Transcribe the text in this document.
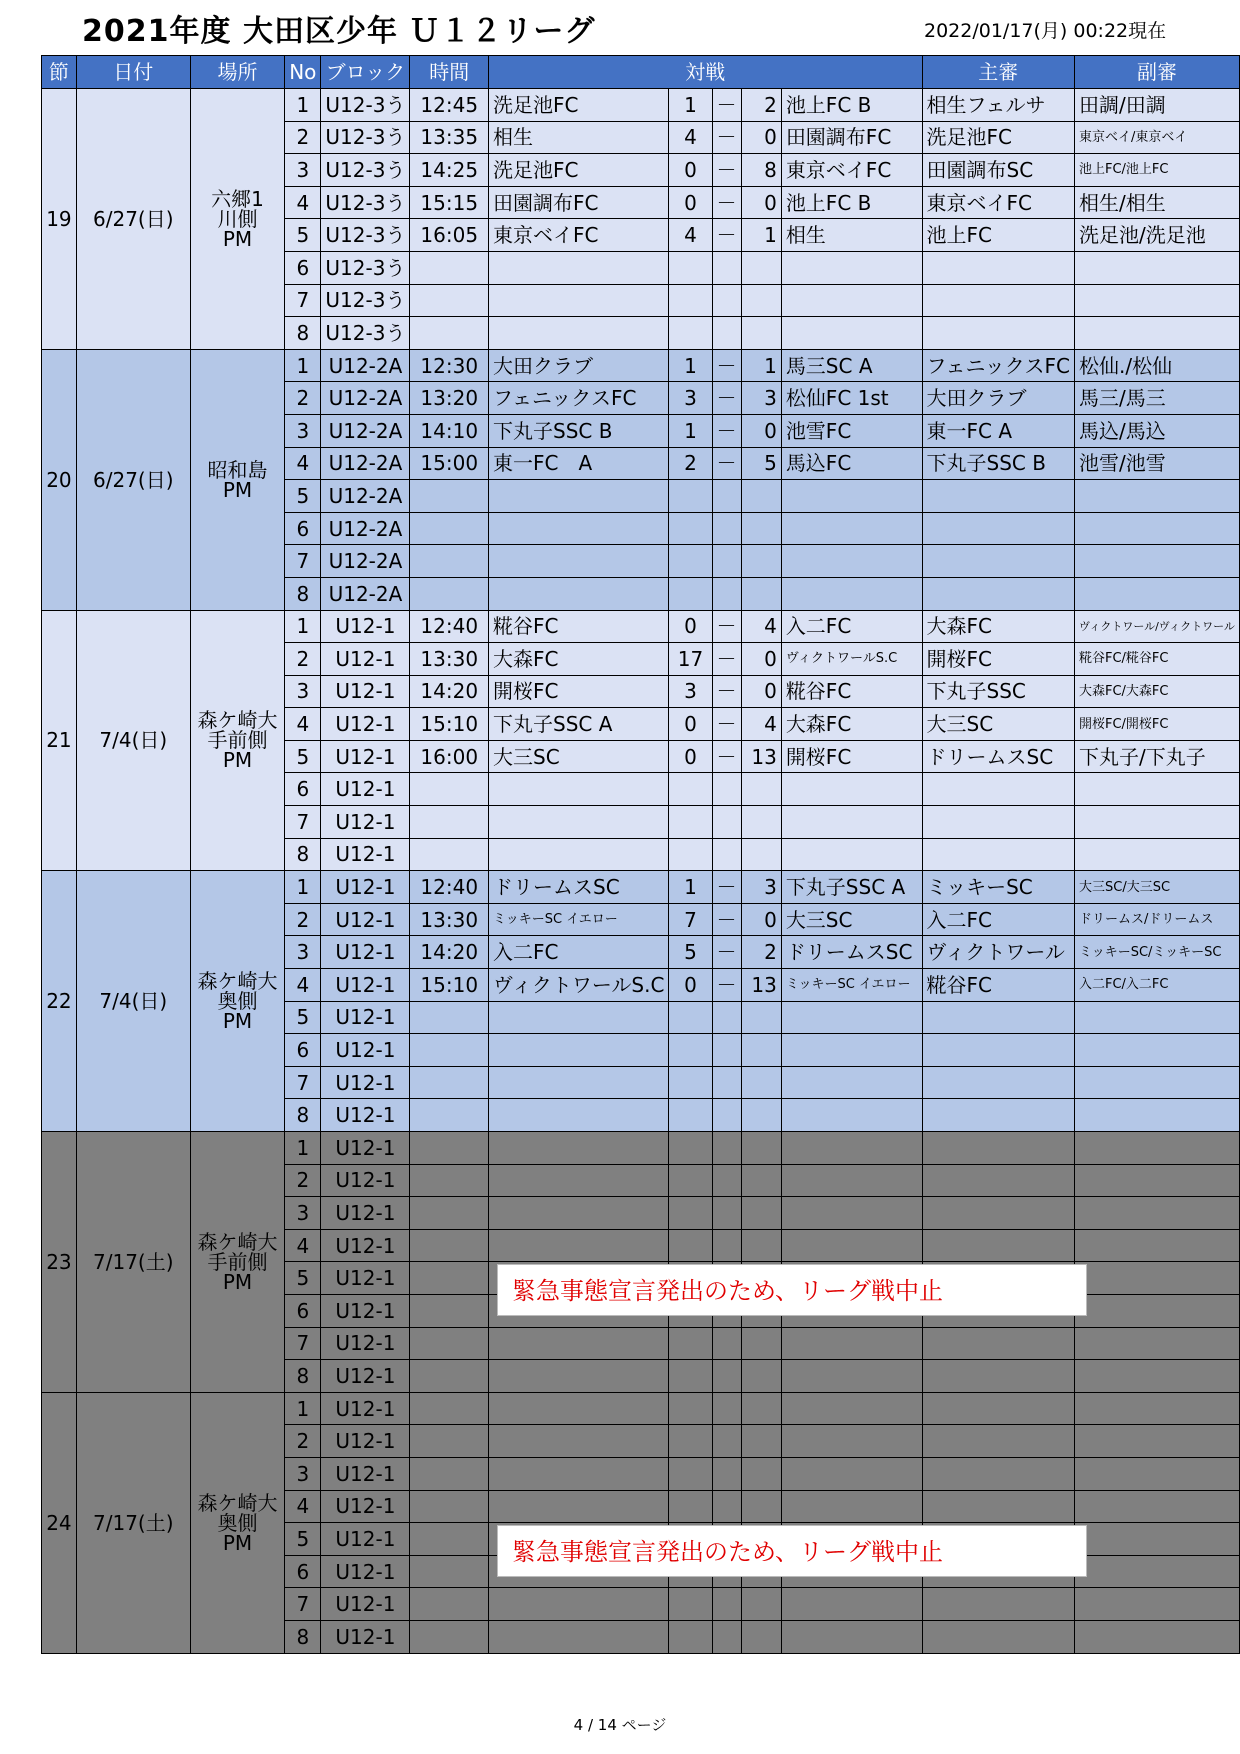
2021年度 大田区少年 Ｕ１２リーグ	2022/01/17(月) 00:22現在
節	日付	場所	No	ブロック	時間	対戦					主審	副審
19	6/27(日)	六郷1
川側
PM	1	U12-3う	12:45	洗足池FC	1	－	2	池上FC B	相生フェルサ	田調/田調
			2	U12-3う	13:35	相生	4	－	0	田園調布FC	洗足池FC	東京ベイ/東京ベイ
			3	U12-3う	14:25	洗足池FC	0	－	8	東京ベイFC	田園調布SC	池上FC/池上FC
			4	U12-3う	15:15	田園調布FC	0	－	0	池上FC B	東京ベイFC	相生/相生
			5	U12-3う	16:05	東京ベイFC	4	－	1	相生	池上FC	洗足池/洗足池
			6	U12-3う								
			7	U12-3う								
			8	U12-3う								
20	6/27(日)	昭和島
PM	1	U12-2A	12:30	大田クラブ	1	－	1	馬三SC A	フェニックスFC	松仙./松仙
			2	U12-2A	13:20	フェニックスFC	3	－	3	松仙FC 1st	大田クラブ	馬三/馬三
			3	U12-2A	14:10	下丸子SSC B	1	－	0	池雪FC	東一FC A	馬込/馬込
			4	U12-2A	15:00	東一FC　A	2	－	5	馬込FC	下丸子SSC B	池雪/池雪
			5	U12-2A								
			6	U12-2A								
			7	U12-2A								
			8	U12-2A								
21	7/4(日)	森ケ崎大
手前側
PM	1	U12-1	12:40	糀谷FC	0	－	4	入二FC	大森FC	ヴィクトワール/ヴィクトワール
			2	U12-1	13:30	大森FC	17	－	0	ヴィクトワールS.C	開桜FC	糀谷FC/糀谷FC
			3	U12-1	14:20	開桜FC	3	－	0	糀谷FC	下丸子SSC	大森FC/大森FC
			4	U12-1	15:10	下丸子SSC A	0	－	4	大森FC	大三SC	開桜FC/開桜FC
			5	U12-1	16:00	大三SC	0	－	13	開桜FC	ドリームスSC	下丸子/下丸子
			6	U12-1								
			7	U12-1								
			8	U12-1								
22	7/4(日)	森ケ崎大
奥側
PM	1	U12-1	12:40	ドリームスSC	1	－	3	下丸子SSC A	ミッキーSC	大三SC/大三SC
			2	U12-1	13:30	ミッキーSC イエロー	7	－	0	大三SC	入二FC	ドリームス/ドリームス
			3	U12-1	14:20	入二FC	5	－	2	ドリームスSC	ヴィクトワール	ミッキーSC/ミッキーSC
			4	U12-1	15:10	ヴィクトワールS.C	0	－	13	ミッキーSC イエロー	糀谷FC	入二FC/入二FC
			5	U12-1								
			6	U12-1								
			7	U12-1								
			8	U12-1								
23	7/17(土)	森ケ崎大
手前側
PM	1	U12-1								
			2	U12-1								
			3	U12-1								
			4	U12-1								
			5	U12-1								
			6	U12-1								
			7	U12-1								
			8	U12-1								
24	7/17(土)	森ケ崎大
奥側
PM	1	U12-1								
			2	U12-1								
			3	U12-1								
			4	U12-1								
			5	U12-1								
			6	U12-1								
			7	U12-1								
			8	U12-1								
緊急事態宣言発出のため、リーグ戦中止
緊急事態宣言発出のため、リーグ戦中止
4 / 14 ページ
